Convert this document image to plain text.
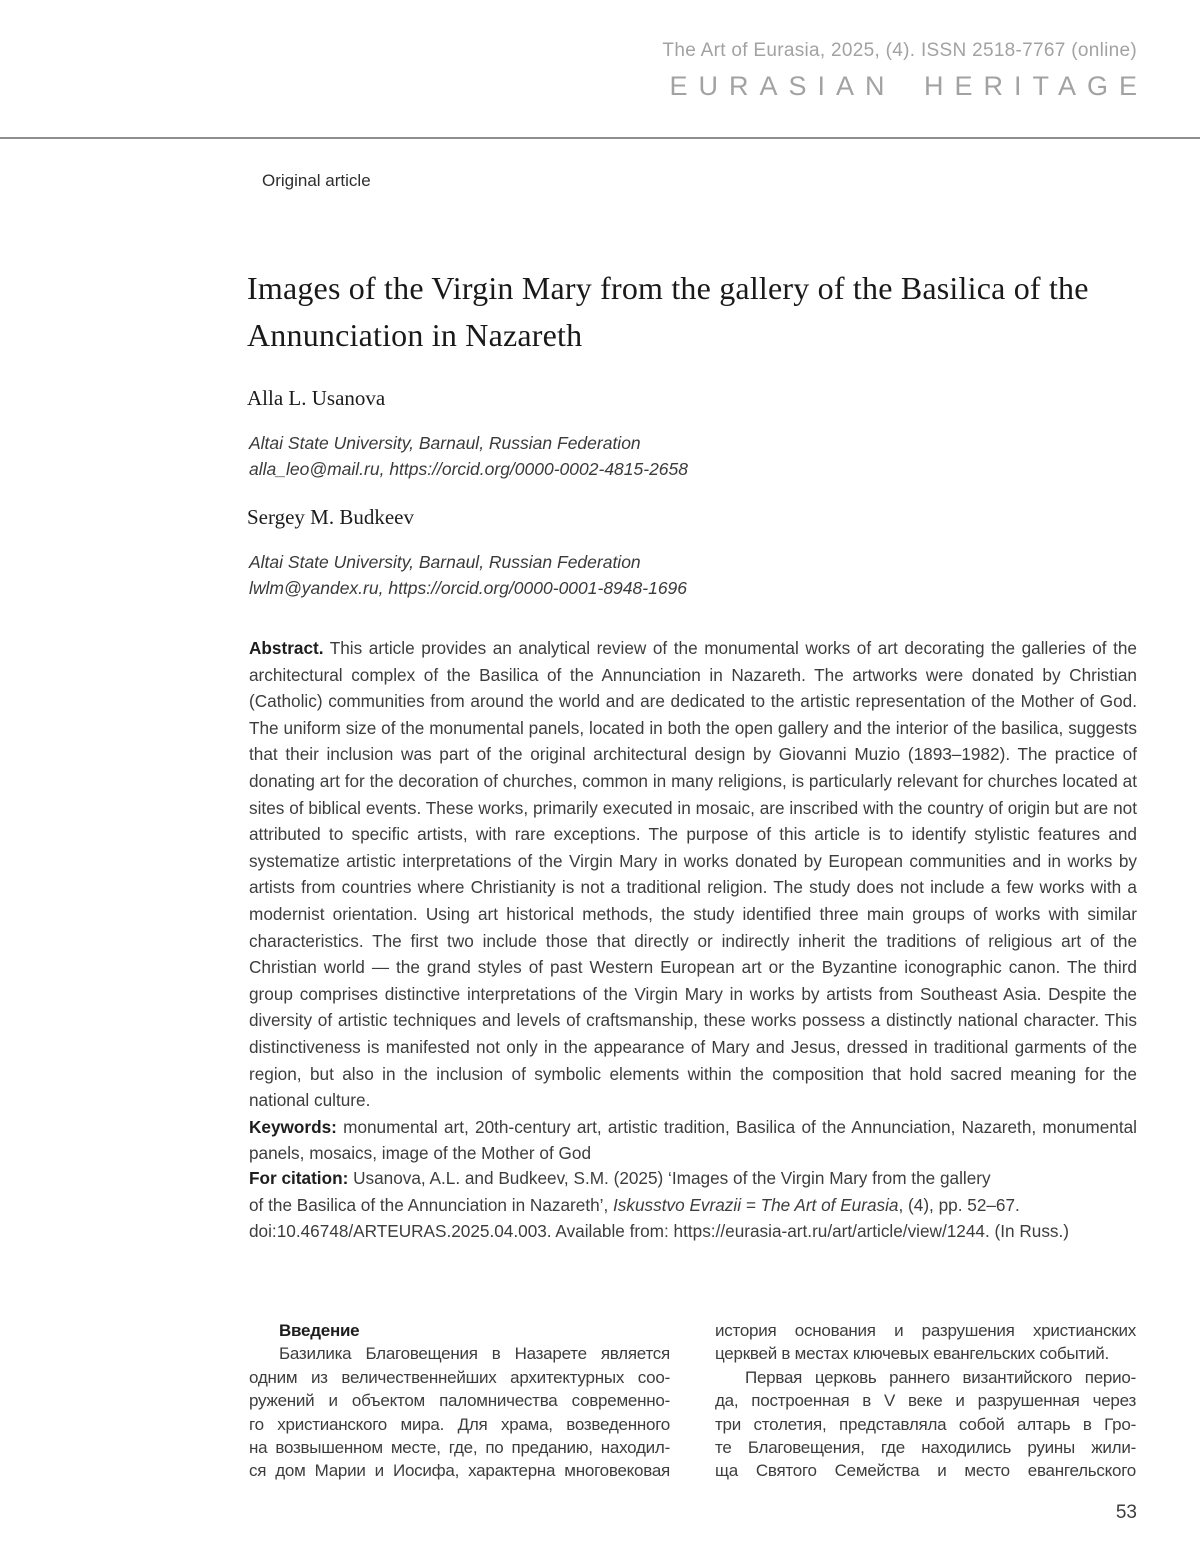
The Art of Eurasia, 2025, (4). ISSN 2518-7767 (online)
EURASIAN HERITAGE
Original article
Images of the Virgin Mary from the gallery of the Basilica of the Annunciation in Nazareth
Alla L. Usanova
Altai State University, Barnaul, Russian Federation
alla_leo@mail.ru, https://orcid.org/0000-0002-4815-2658
Sergey M. Budkeev
Altai State University, Barnaul, Russian Federation
lwlm@yandex.ru, https://orcid.org/0000-0001-8948-1696

Abstract. This article provides an analytical review of the monumental works of art decorating the galleries of the architectural complex of the Basilica of the Annunciation in Nazareth. The artworks were donated by Christian (Catholic) communities from around the world and are dedicated to the artistic representation of the Mother of God. The uniform size of the monumental panels, located in both the open gallery and the interior of the basilica, suggests that their inclusion was part of the original architectural design by Giovanni Muzio (1893–1982). The practice of donating art for the decoration of churches, common in many religions, is particularly relevant for churches located at sites of biblical events. These works, primarily executed in mosaic, are inscribed with the country of origin but are not attributed to specific artists, with rare exceptions. The purpose of this article is to identify stylistic features and systematize artistic interpretations of the Virgin Mary in works donated by European communities and in works by artists from countries where Christianity is not a traditional religion. The study does not include a few works with a modernist orientation. Using art historical methods, the study identified three main groups of works with similar characteristics. The first two include those that directly or indirectly inherit the traditions of religious art of the Christian world — the grand styles of past Western European art or the Byzantine iconographic canon. The third group comprises distinctive interpretations of the Virgin Mary in works by artists from Southeast Asia. Despite the diversity of artistic techniques and levels of craftsmanship, these works possess a distinctly national character. This distinctiveness is manifested not only in the appearance of Mary and Jesus, dressed in traditional garments of the region, but also in the inclusion of symbolic elements within the composition that hold sacred meaning for the national culture.

Keywords: monumental art, 20th-century art, artistic tradition, Basilica of the Annunciation, Nazareth, monumental panels, mosaics, image of the Mother of God

For citation: Usanova, A.L. and Budkeev, S.M. (2025) ‘Images of the Virgin Mary from the gallery
of the Basilica of the Annunciation in Nazareth’, Iskusstvo Evrazii = The Art of Eurasia, (4), pp. 52–67.
doi:10.46748/ARTEURAS.2025.04.003. Available from: https://eurasia-art.ru/art/article/view/1244. (In Russ.)
Введение
Базилика Благовещения в Назарете является
одним из величественнейших архитектурных соо-
ружений и объектом паломничества современно-
го христианского мира. Для храма, возведенного
на возвышенном месте, где, по преданию, находил-
ся дом Марии и Иосифа, характерна многовековая
история основания и разрушения христианских
церквей в местах ключевых евангельских событий.
Первая церковь раннего византийского перио-
да, построенная в V веке и разрушенная через
три столетия, представляла собой алтарь в Гро-
те Благовещения, где находились руины жили-
ща Святого Семейства и место евангельского
53
